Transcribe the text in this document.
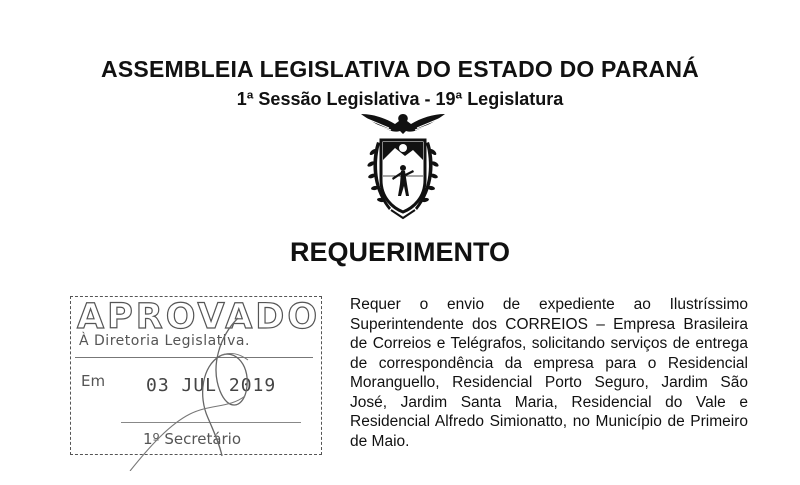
ASSEMBLEIA LEGISLATIVA DO ESTADO DO PARANÁ
1ª Sessão Legislativa - 19ª Legislatura
REQUERIMENTO
APROVADO
À Diretoria Legislativa.
Em 03 JUL 2019
1º Secretário
Requer o envio de expediente ao Ilustríssimo Superintendente dos CORREIOS – Empresa Brasileira de Correios e Telégrafos, solicitando serviços de entrega de correspondência da empresa para o Residencial Moranguello, Residencial Porto Seguro, Jardim São José, Jardim Santa Maria, Residencial do Vale e Residencial Alfredo Simionatto, no Município de Primeiro de Maio.
